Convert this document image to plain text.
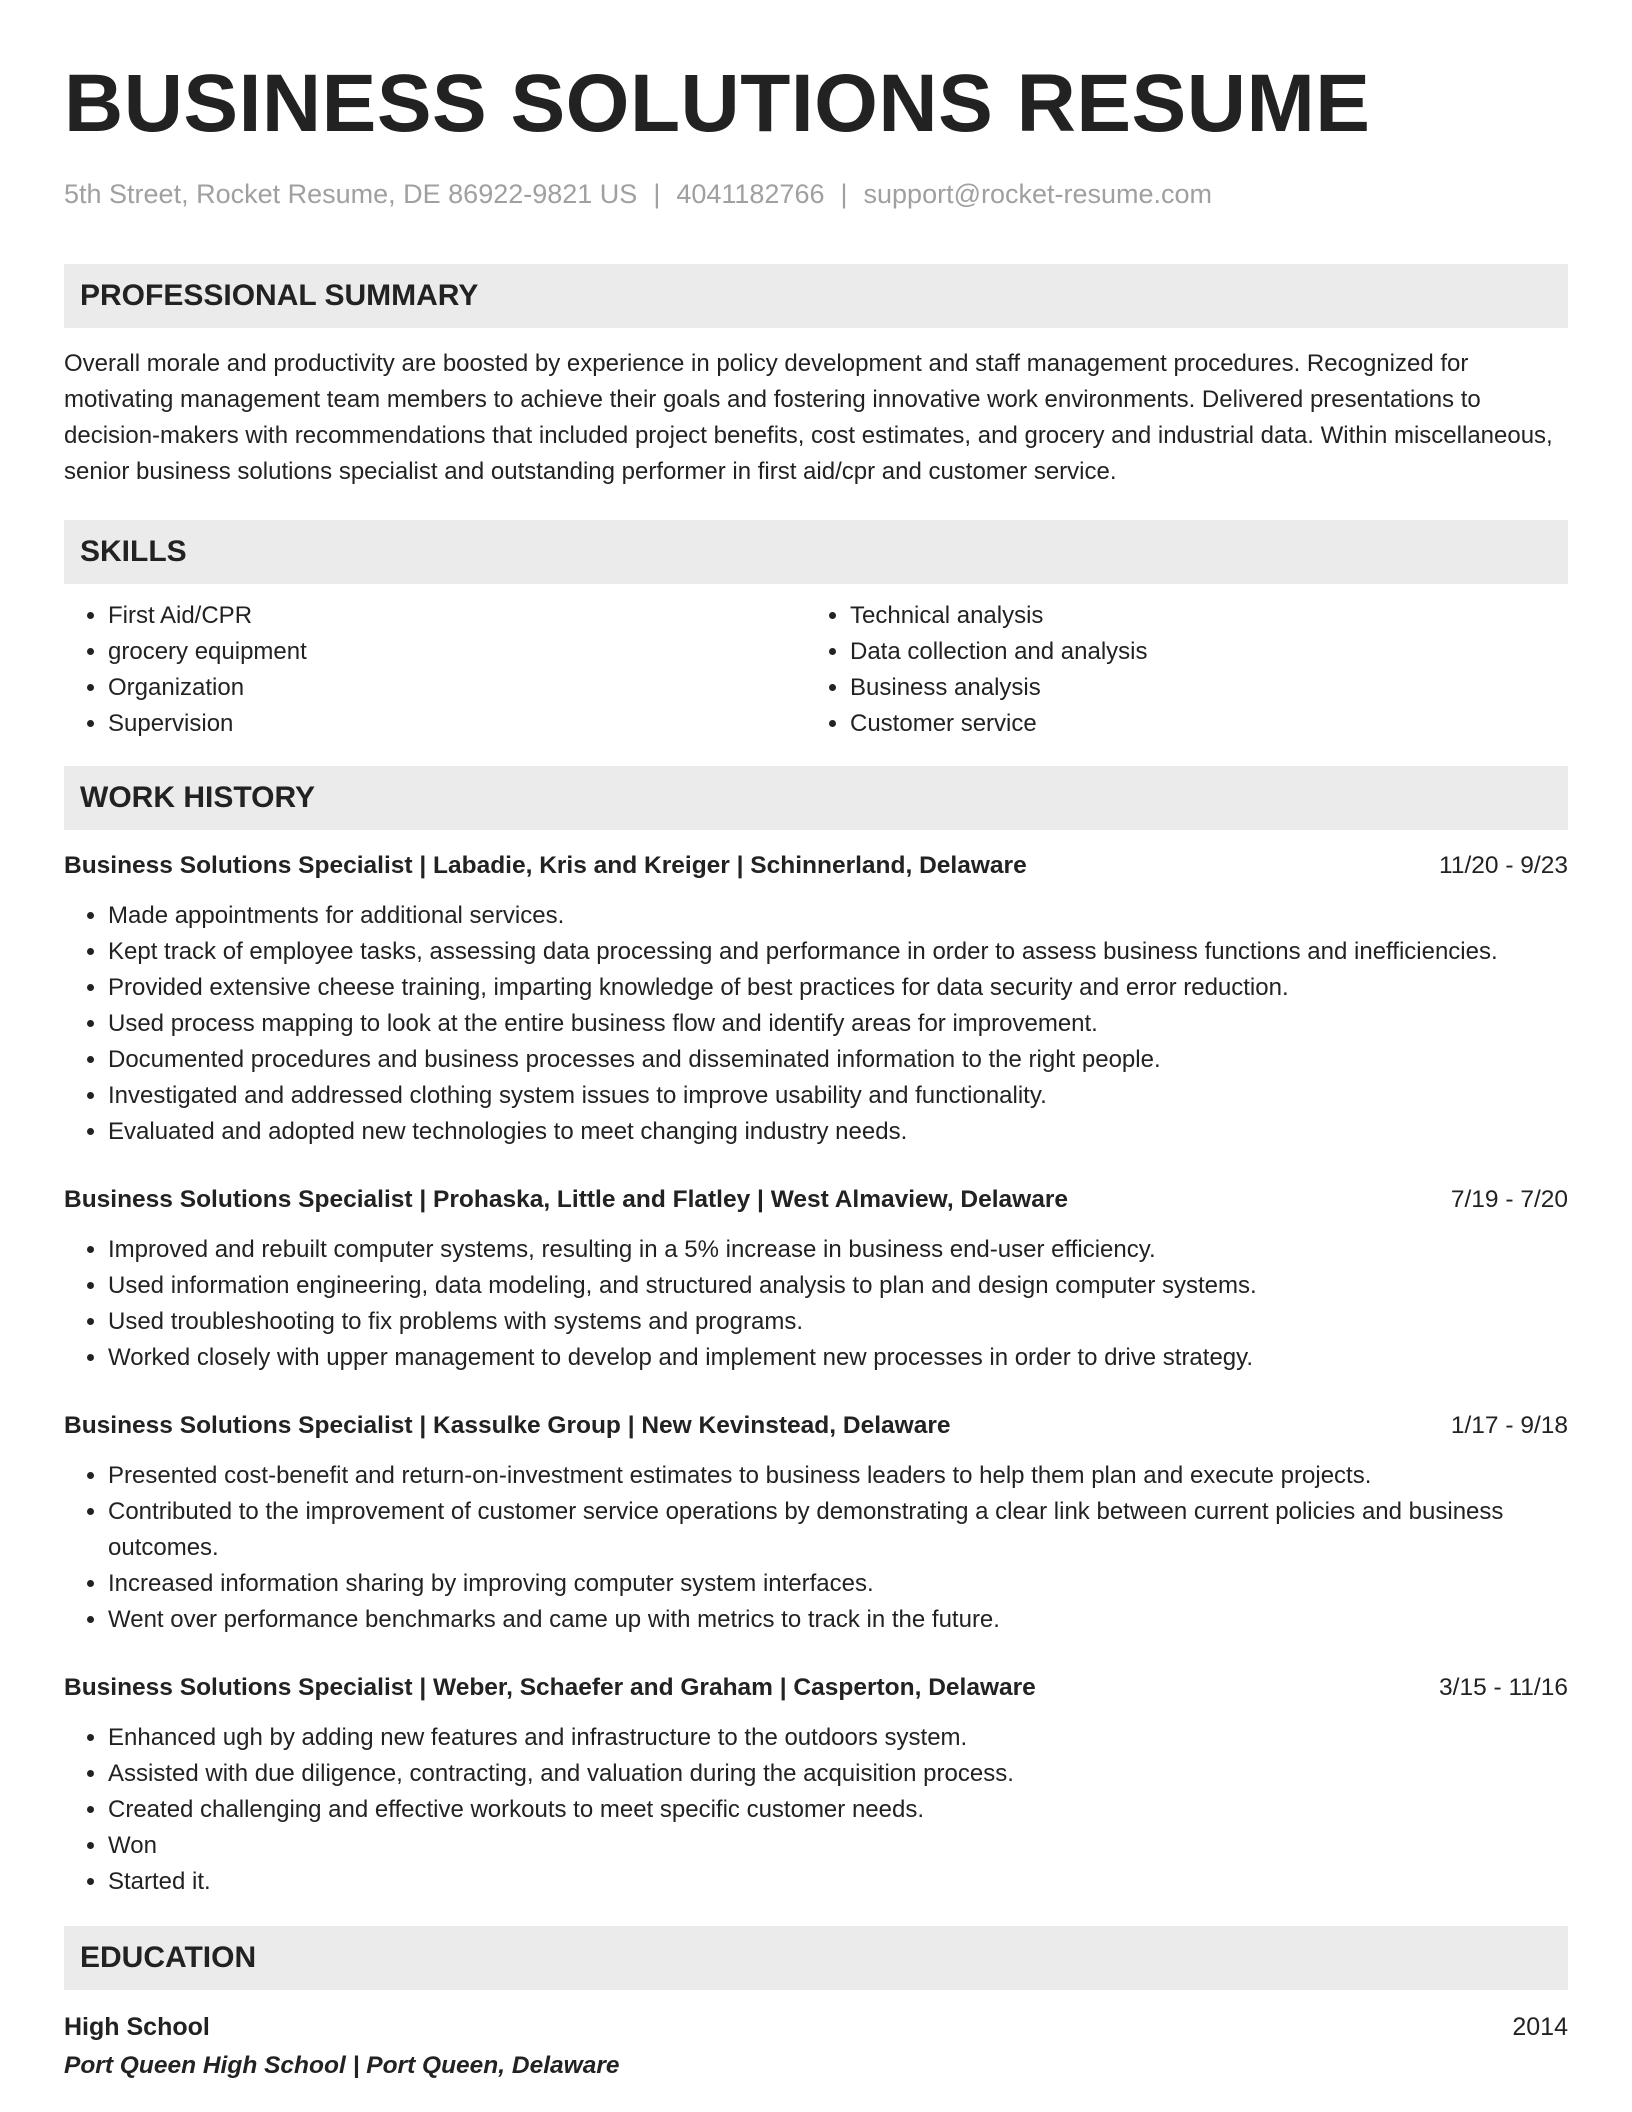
BUSINESS SOLUTIONS RESUME
5th Street, Rocket Resume, DE 86922-9821 US | 4041182766 | support@rocket-resume.com
PROFESSIONAL SUMMARY
Overall morale and productivity are boosted by experience in policy development and staff management procedures. Recognized for motivating management team members to achieve their goals and fostering innovative work environments. Delivered presentations to decision-makers with recommendations that included project benefits, cost estimates, and grocery and industrial data. Within miscellaneous, senior business solutions specialist and outstanding performer in first aid/cpr and customer service.
SKILLS
• First Aid/CPR
• grocery equipment
• Organization
• Supervision
• Technical analysis
• Data collection and analysis
• Business analysis
• Customer service
WORK HISTORY
Business Solutions Specialist | Labadie, Kris and Kreiger | Schinnerland, Delaware	11/20 - 9/23
• Made appointments for additional services.
• Kept track of employee tasks, assessing data processing and performance in order to assess business functions and inefficiencies.
• Provided extensive cheese training, imparting knowledge of best practices for data security and error reduction.
• Used process mapping to look at the entire business flow and identify areas for improvement.
• Documented procedures and business processes and disseminated information to the right people.
• Investigated and addressed clothing system issues to improve usability and functionality.
• Evaluated and adopted new technologies to meet changing industry needs.
Business Solutions Specialist | Prohaska, Little and Flatley | West Almaview, Delaware	7/19 - 7/20
• Improved and rebuilt computer systems, resulting in a 5% increase in business end-user efficiency.
• Used information engineering, data modeling, and structured analysis to plan and design computer systems.
• Used troubleshooting to fix problems with systems and programs.
• Worked closely with upper management to develop and implement new processes in order to drive strategy.
Business Solutions Specialist | Kassulke Group | New Kevinstead, Delaware	1/17 - 9/18
• Presented cost-benefit and return-on-investment estimates to business leaders to help them plan and execute projects.
• Contributed to the improvement of customer service operations by demonstrating a clear link between current policies and business outcomes.
• Increased information sharing by improving computer system interfaces.
• Went over performance benchmarks and came up with metrics to track in the future.
Business Solutions Specialist | Weber, Schaefer and Graham | Casperton, Delaware	3/15 - 11/16
• Enhanced ugh by adding new features and infrastructure to the outdoors system.
• Assisted with due diligence, contracting, and valuation during the acquisition process.
• Created challenging and effective workouts to meet specific customer needs.
• Won
• Started it.
EDUCATION
High School	2014
Port Queen High School | Port Queen, Delaware
